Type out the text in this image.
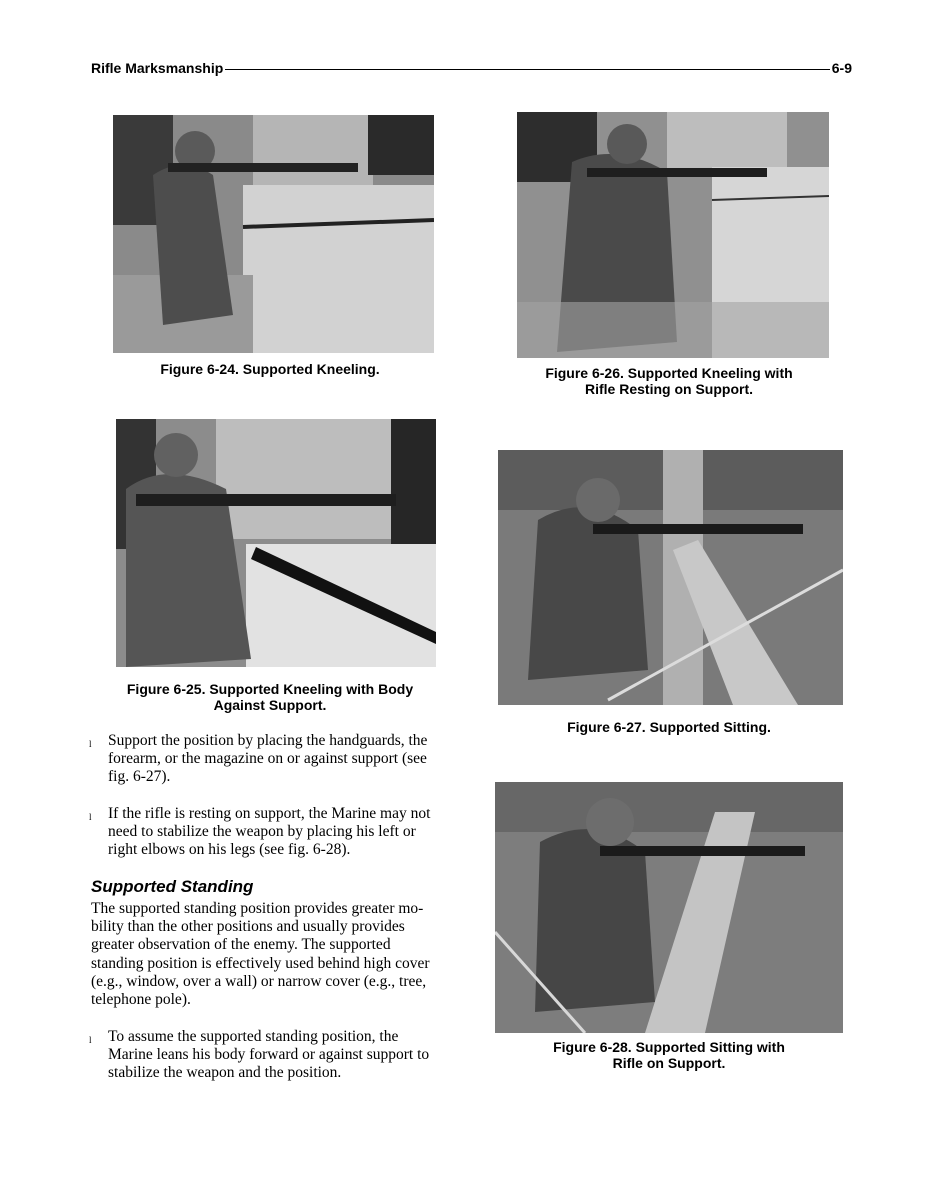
Rifle Marksmanship	6-9
Figure 6-24. Supported Kneeling.
Figure 6-25. Supported Kneeling with Body
Against Support.
Figure 6-26. Supported Kneeling with
Rifle Resting on Support.
Figure 6-27. Supported Sitting.
Figure 6-28. Supported Sitting with
Rifle on Support.
l Support the position by placing the handguards, the
forearm, or the magazine on or against support (see
fig. 6-27).
l If the rifle is resting on support, the Marine may not
need to stabilize the weapon by placing his left or
right elbows on his legs (see fig. 6-28).
Supported Standing
The supported standing position provides greater mo-
bility than the other positions and usually provides
greater observation of the enemy. The supported
standing position is effectively used behind high cover
(e.g., window, over a wall) or narrow cover (e.g., tree,
telephone pole).
l To assume the supported standing position, the
Marine leans his body forward or against support to
stabilize the weapon and the position.
